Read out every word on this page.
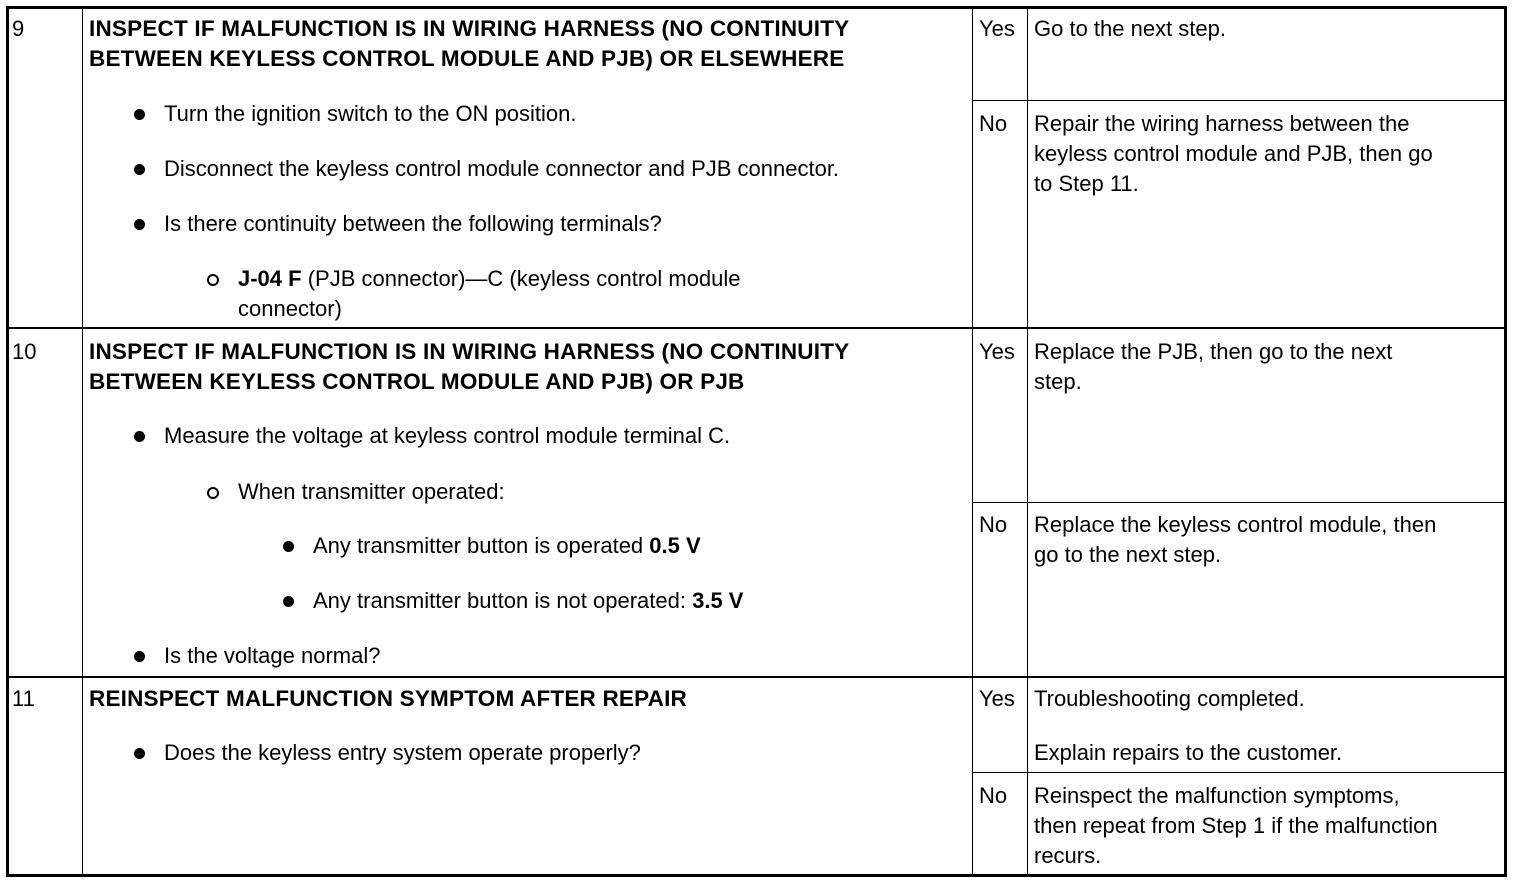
9	INSPECT IF MALFUNCTION IS IN WIRING HARNESS (NO CONTINUITY
BETWEEN KEYLESS CONTROL MODULE AND PJB) OR ELSEWHERE
Turn the ignition switch to the ON position.
Disconnect the keyless control module connector and PJB connector.
Is there continuity between the following terminals?
J-04 F (PJB connector)—C (keyless control module
connector)
Yes Go to the next step.
No Repair the wiring harness between the
keyless control module and PJB, then go
to Step 11.
10 INSPECT IF MALFUNCTION IS IN WIRING HARNESS (NO CONTINUITY
BETWEEN KEYLESS CONTROL MODULE AND PJB) OR PJB
Measure the voltage at keyless control module terminal C.
When transmitter operated:
Any transmitter button is operated 0.5 V
Any transmitter button is not operated: 3.5 V
Is the voltage normal?
Yes Replace the PJB, then go to the next
step.
No Replace the keyless control module, then
go to the next step.
11 REINSPECT MALFUNCTION SYMPTOM AFTER REPAIR
Does the keyless entry system operate properly?
Yes Troubleshooting completed.
Explain repairs to the customer.
No Reinspect the malfunction symptoms,
then repeat from Step 1 if the malfunction
recurs.
